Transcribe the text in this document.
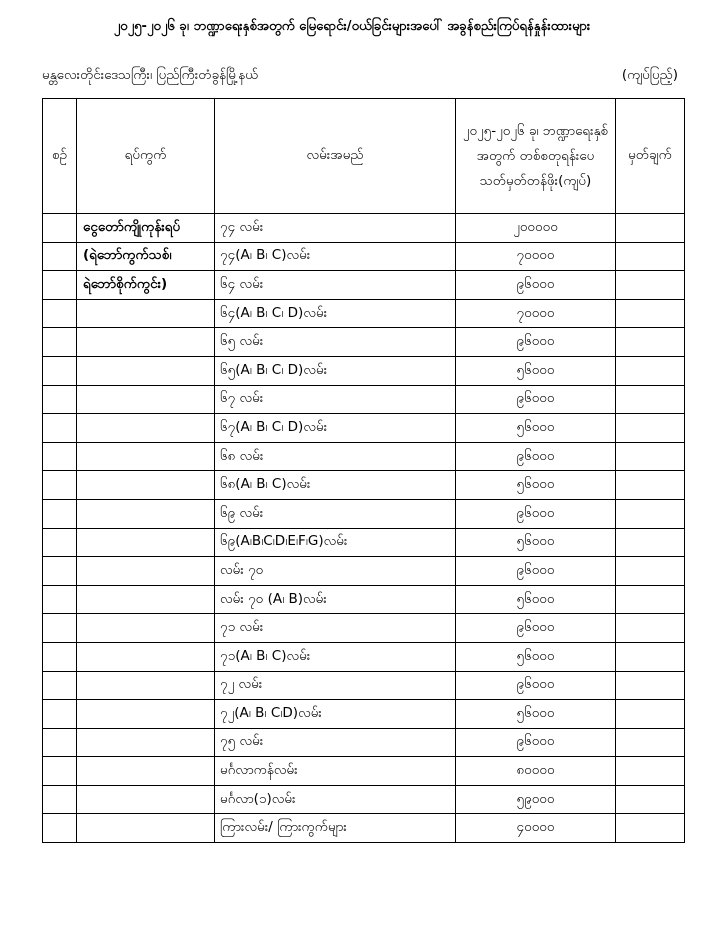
၂၀၂၅-၂၀၂၆ ခု၊ ဘဏ္ဍာရေးနှစ်အတွက် မြေရောင်း/ဝယ်ခြင်းများအပေါ် အခွန်စည်းကြပ်ရန်နှုန်းထားများ
မန္တလေးတိုင်းဒေသကြီး၊ ပြည်ကြီးတံခွန်မြို့နယ်	(ကျပ်ပြည့်)
စဉ်	ရပ်ကွက်	လမ်းအမည်	၂၀၂၅-၂၀၂၆ ခု၊ ဘဏ္ဍာရေးနှစ်အတွက် တစ်စတုရန်းပေ သတ်မှတ်တန်ဖိုး(ကျပ်)	မှတ်ချက်
	ငွေတော်ကျိုကုန်းရပ်	၇၄ လမ်း	၂၀၀၀၀၀	
	(ရဲဘော်ကွက်သစ်၊	၇၄(A၊ B၊ C)လမ်း	၇၀၀၀၀	
	ရဲဘော်စိုက်ကွင်း)	၆၄ လမ်း	၉၆၀၀၀	
		၆၄(A၊ B၊ C၊ D)လမ်း	၇၀၀၀၀	
		၆၅ လမ်း	၉၆၀၀၀	
		၆၅(A၊ B၊ C၊ D)လမ်း	၅၆၀၀၀	
		၆၇ လမ်း	၉၆၀၀၀	
		၆၇(A၊ B၊ C၊ D)လမ်း	၅၆၀၀၀	
		၆၈ လမ်း	၉၆၀၀၀	
		၆၈(A၊ B၊ C)လမ်း	၅၆၀၀၀	
		၆၉ လမ်း	၉၆၀၀၀	
		၆၉(A၊B၊C၊D၊E၊F၊G)လမ်း	၅၆၀၀၀	
		လမ်း ၇၀	၉၆၀၀၀	
		လမ်း ၇၀ (A၊ B)လမ်း	၅၆၀၀၀	
		၇၁ လမ်း	၉၆၀၀၀	
		၇၁(A၊ B၊ C)လမ်း	၅၆၀၀၀	
		၇၂ လမ်း	၉၆၀၀၀	
		၇၂(A၊ B၊ C၊D)လမ်း	၅၆၀၀၀	
		၇၅ လမ်း	၉၆၀၀၀	
		မင်္ဂလာကန်လမ်း	၈၀၀၀၀	
		မင်္ဂလာ(၁)လမ်း	၅၉၀၀၀	
		ကြားလမ်း/ ကြားကွက်များ	၄၀၀၀၀	
